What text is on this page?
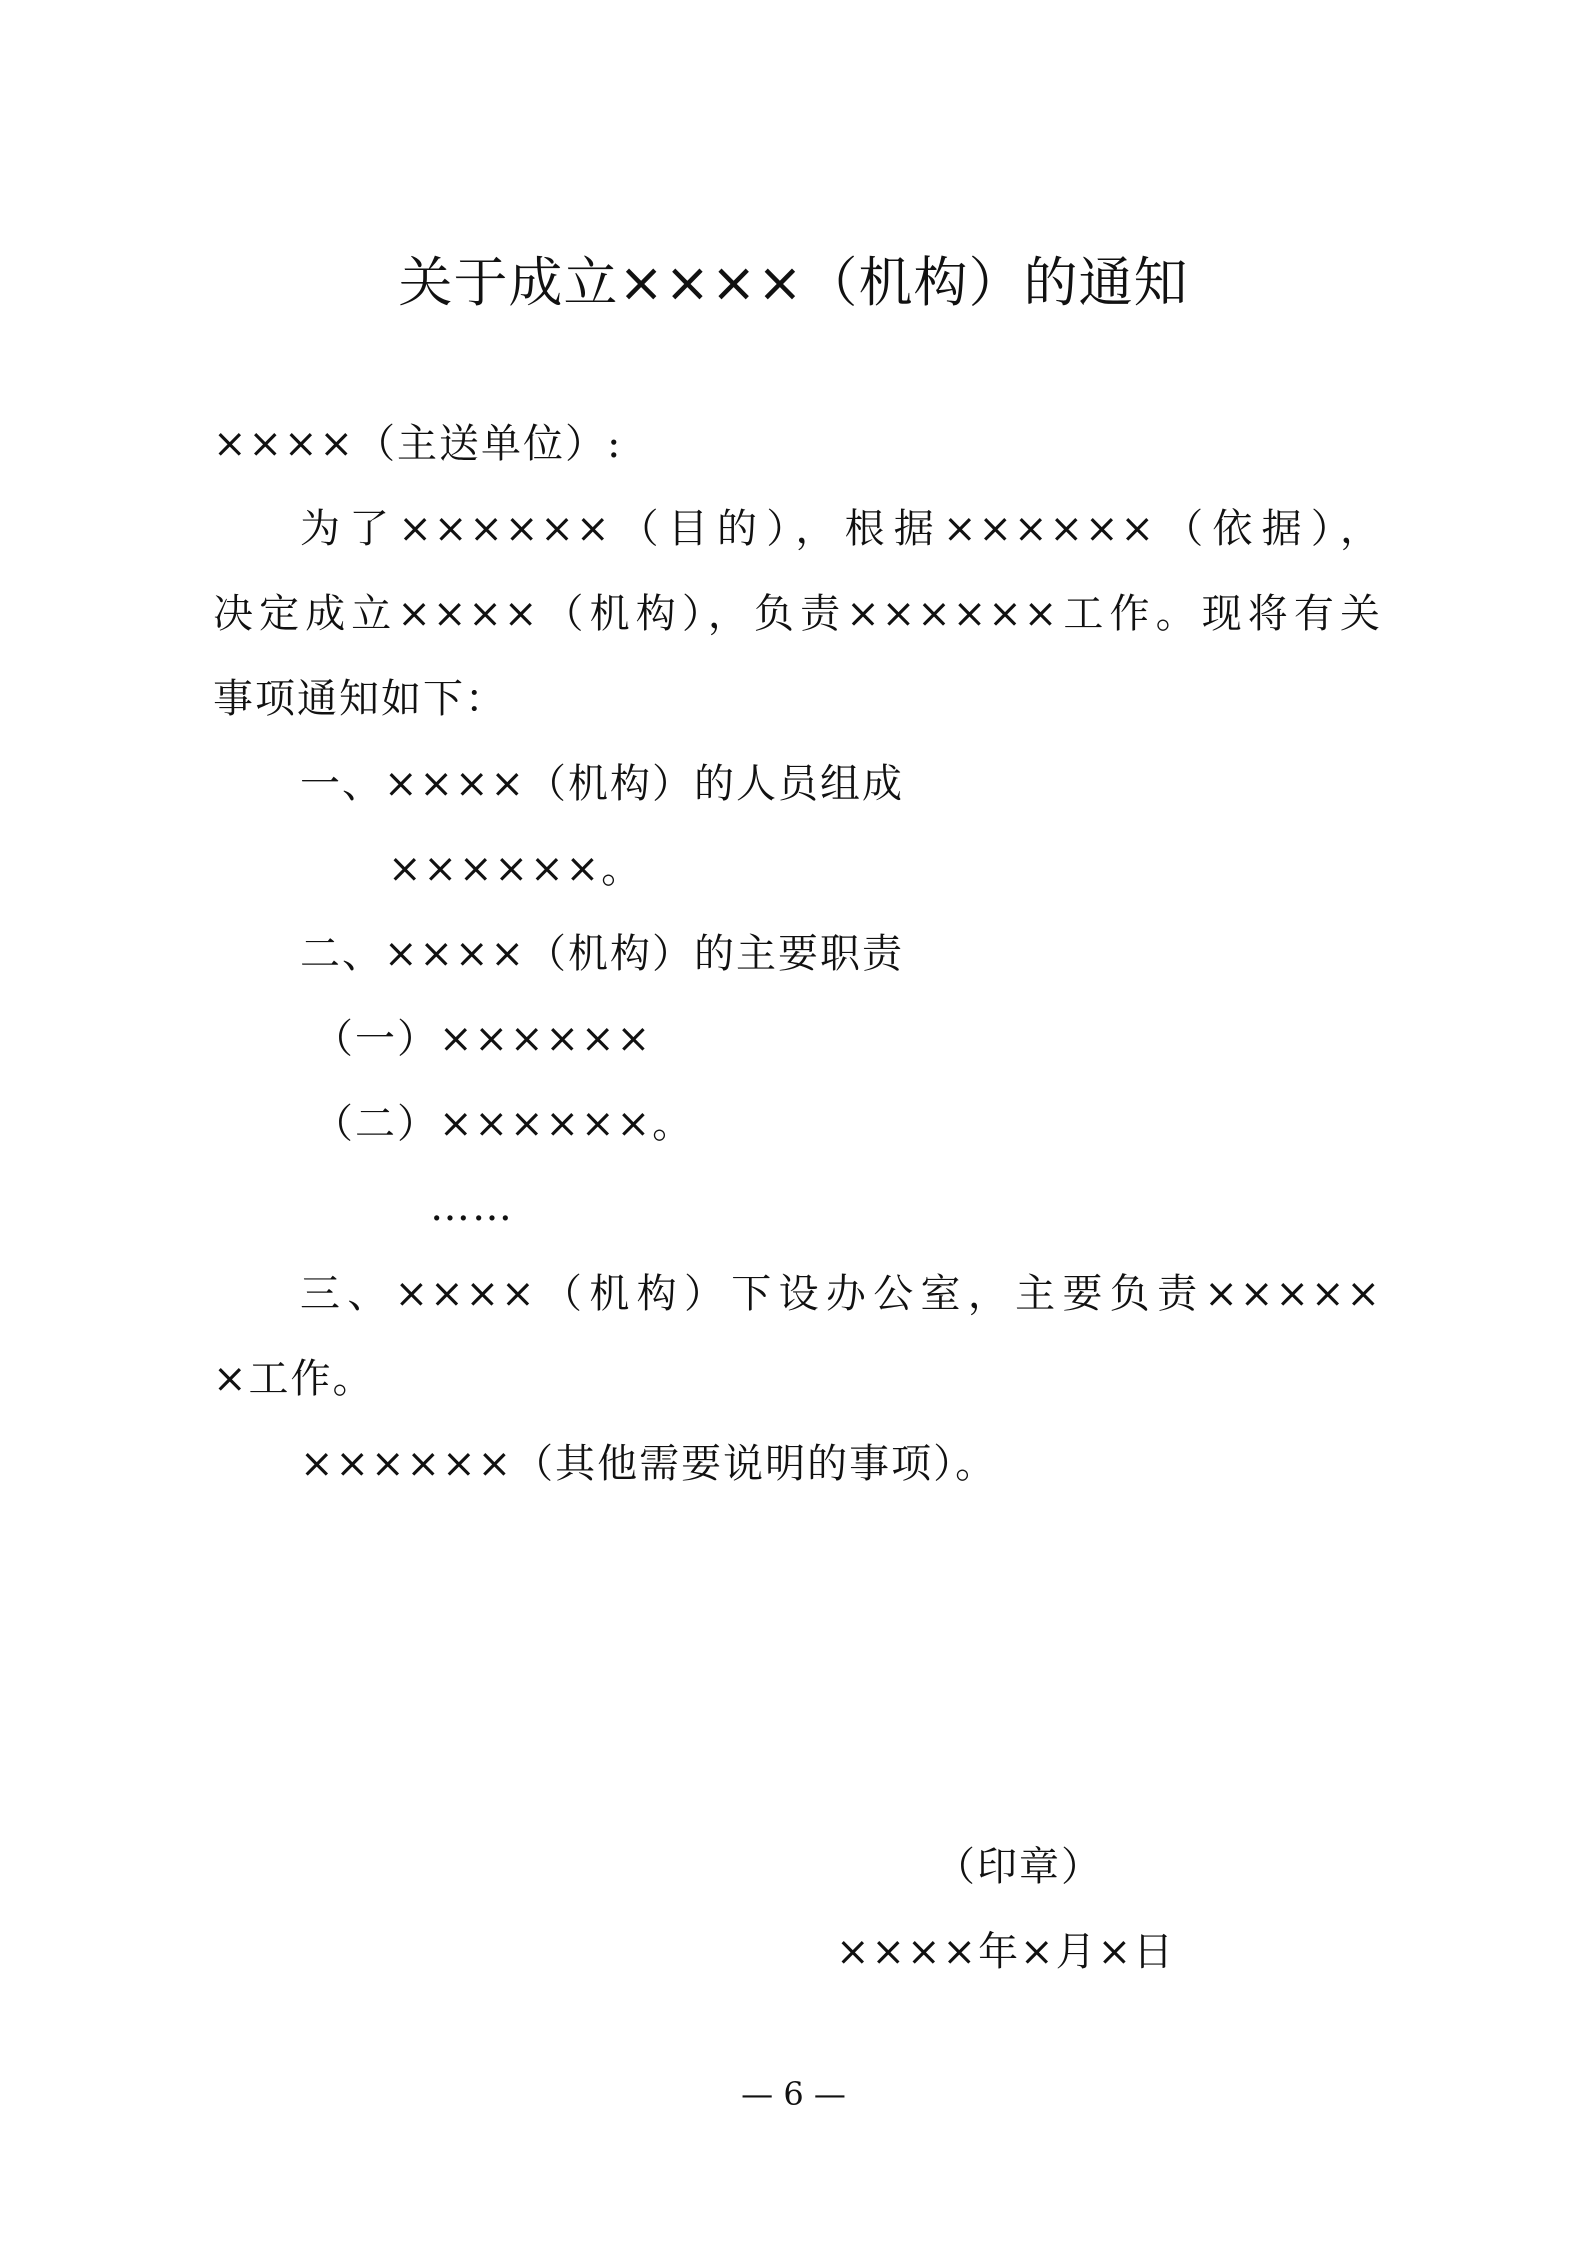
关于成立××××（机构）的通知
××××（主送单位）:
为了××××××（目的），根据××××××（依据），
决定成立××××（机构），负责××××××工作。现将有关
事项通知如下：
一、××××（机构）的人员组成
××××××。
二、××××（机构）的主要职责
（一）××××××
（二）××××××。
……
三、××××（机构）下设办公室，主要负责×××××
×工作。
××××××（其他需要说明的事项）。
（印章）
××××年×月×日
— 6 —
